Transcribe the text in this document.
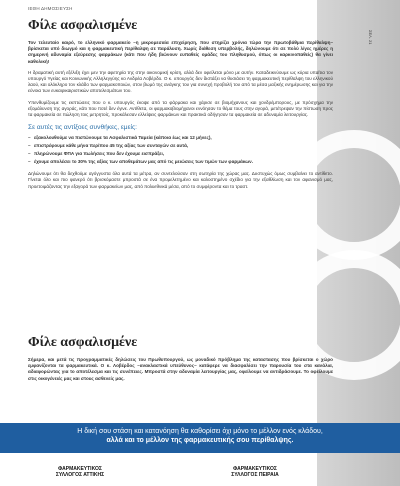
ΙΕΘΗ ΔΗΜΟΣΙΕΥΣΗ
ΣΕΛ. 21
Φίλε ασφαλισμένε

Τον τελευταίο καιρό, το ελληνικό φαρμακείο –η μικρομεσαία επιχείρηση, που στηρίζει χρόνια τώρα την πρωτοβάθμια περίθαλψη– βρίσκεται υπό διωγμό και η φαρμακευτική περίθαλψη σε παράλυση. Χωρίς διάθεση υπερβολής, δηλώνουμε ότι σε πολύ λίγες ημέρες η σημερινή αδυναμία εξεύρεσης φαρμάκων (κάτι που ήδη βιώνουν ευπαθείς ομάδες του πληθυσμού, όπως οι καρκινοπαθείς) θα γίνει καθολική!

Η δραματική αυτή εξέλιξη έχει μεν την αφετηρία της στην οικονομική κρίση, αλλά δεν οφείλεται μόνο με αυτήν. Καταδεικνύουμε ως κύρια υπαίτια τον υπουργό Υγείας και Κοινωνικής Αλληλεγγύης κο Ανδρέα Λοβέρδο. Ο κ. υπουργός δεν διστάζει να θυσιάσει τη φαρμακευτική περίθαλψη του ελληνικού λαού, και ολόκληρο τον κλάδο των φαρμακοποιών, στον βωμό της ανάγκης του για συνεχή προβολή του από τα μέσα μαζικής ενημέρωσης και για την εύνοια των ευκαιρικαιριστικών αποτελεσμάτων του.

Υπενθυμίζουμε τις εκπτώσεις που ο κ. υπουργός έκοψε από τα φάρμακα και χάρισε σε βιομήχανους και χονδρέμπορους, με πρόσχημα την εξομάλυνση της αγοράς, κάτι που ποτέ δεν έγινε. Αντίθετα, οι φαρμακοβιομήχανοι εννόησαν το θέμα τους στην αγορά, μετέτρεψαν την πίστωση προς τα φαρμακεία σε πώληση τοις μετρητοίς, προκάλεσαν ελλείψεις φαρμάκων και πρακτικά οδήγησαν τα φαρμακεία σε αδυναμία λειτουργίας.

Σε αυτές τις αντίξοες συνθήκες, εμείς:
– εξακολουθούμε να πιστώνουμε τα Ασφαλιστικά Ταμεία (κάποια έως και 12 μήνες),
– επιστρέφουμε κάθε μήνα περίπου 45 της αξίας των συνταγών σε αυτά,
– πληρώνουμε ΦΠΑ για πωλήσεις που δεν έχουμε εισπράξει,
– έχουμε απολέσει το 30% της αξίας των αποθεμάτων μας από τις μειώσεις των τιμών των φαρμάκων.

Δηλώνουμε ότι θα δεχθούμε αγόγγυστα όλα αυτά τα μέτρα, αν συντελούσαν στη σωτηρία της χώρας μας. Δυστυχώς όμως συμβαίνει το αντίθετο. Γίνεται όλο και πιο φανερό ότι βρισκόμαστε μπροστά σε ένα προμελετημένο και καλοστημένο σχέδιο για την εξαθλίωση και τον αφανισμό μας, προετοιμάζοντας την εξαγορά των φαρμακείων μας, από πολυεθνικά μέσα, από το συμφέροντα και το τραστ.

Φίλε ασφαλισμένε

Σήμερα, και μετά τις προγραμματικές δηλώσεις του Πρωθυπουργού, ως μοναδικό πρόβλημα της καταστασης που βρίσκεται ο χώρο εμφανίζονται τα φαρμακευτικά. Ο κ. Λοβέρδος –ανακλαστικά υπεύθυνος– κατάφερε να διασφαλίσει την παρουσία του στα κανάλια, αδιαφορώντας για το αποτέλεσμα και τις συνέπειες. Μπροστά στην αδυναμία λειτουργίας μας, οφείλουμε να αντιδράσουμε. Το οφείλουμε στις οικογένειές μας και στους ασθενείς μας.

Η δική σου στάση και κατανόηση θα καθορίσει όχι μόνο το μέλλον ενός κλάδου,
αλλά και το μέλλον της φαρμακευτικής σου περίθαλψης.
ΦΑΡΜΑΚΕΥΤΙΚΟΣ
ΣΥΛΛΟΓΟΣ ΑΤΤΙΚΗΣ
ΦΑΡΜΑΚΕΥΤΙΚΟΣ
ΣΥΛΛΟΓΟΣ ΠΕΙΡΑΙΑ
